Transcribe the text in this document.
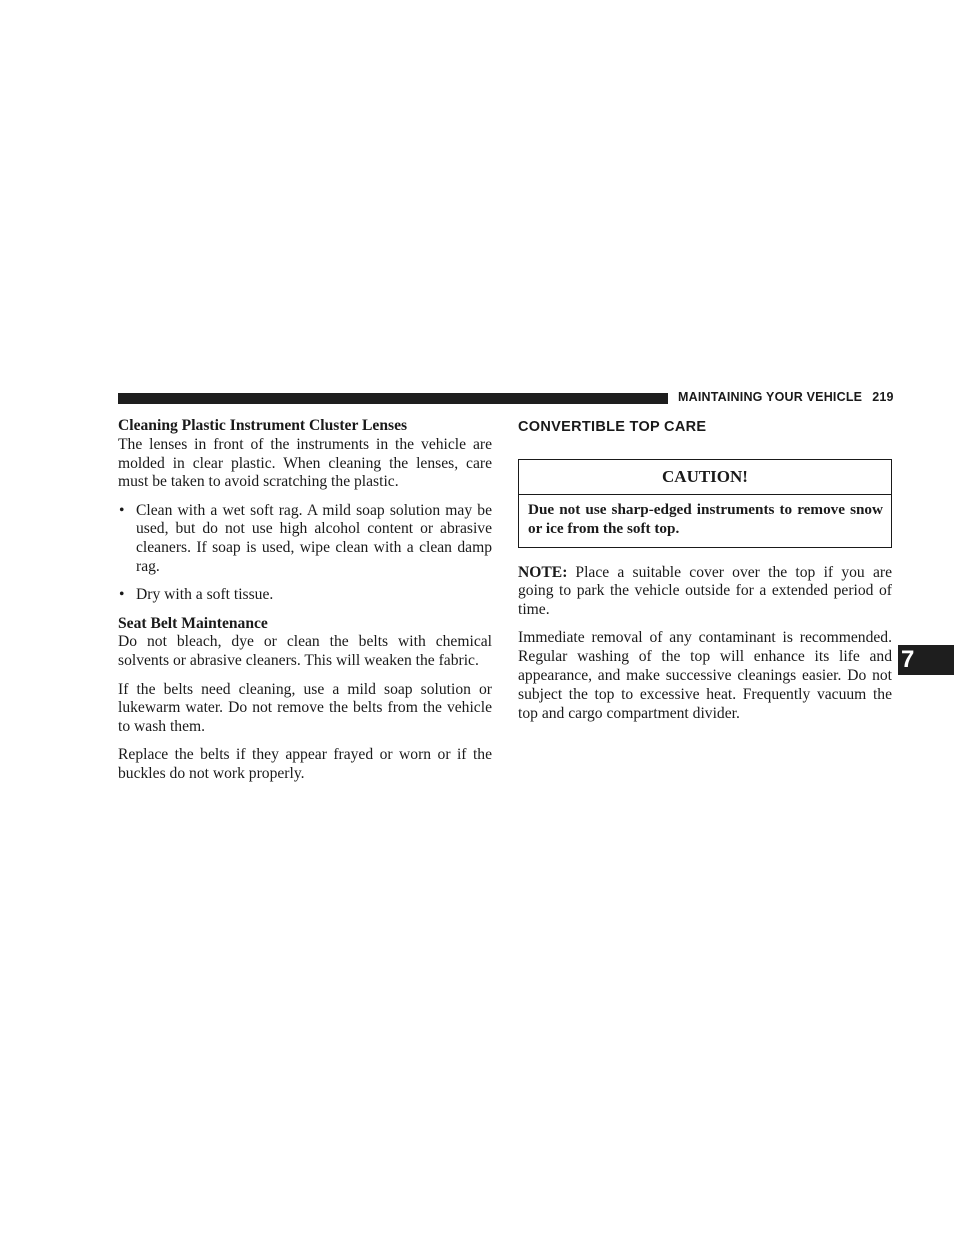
MAINTAINING YOUR VEHICLE 219

Cleaning Plastic Instrument Cluster Lenses

The lenses in front of the instruments in the vehicle are molded in clear plastic. When cleaning the lenses, care must be taken to avoid scratching the plastic.

• Clean with a wet soft rag. A mild soap solution may be used, but do not use high alcohol content or abrasive cleaners. If soap is used, wipe clean with a clean damp rag.
• Dry with a soft tissue.

Seat Belt Maintenance

Do not bleach, dye or clean the belts with chemical solvents or abrasive cleaners. This will weaken the fabric.

If the belts need cleaning, use a mild soap solution or lukewarm water. Do not remove the belts from the vehicle to wash them.

Replace the belts if they appear frayed or worn or if the buckles do not work properly.

CONVERTIBLE TOP CARE
CAUTION!
Due not use sharp-edged instruments to remove snow or ice from the soft top.

NOTE: Place a suitable cover over the top if you are going to park the vehicle outside for a extended period of time.

Immediate removal of any contaminant is recommended. Regular washing of the top will enhance its life and appearance, and make successive cleanings easier. Do not subject the top to excessive heat. Frequently vacuum the top and cargo compartment divider.

7
